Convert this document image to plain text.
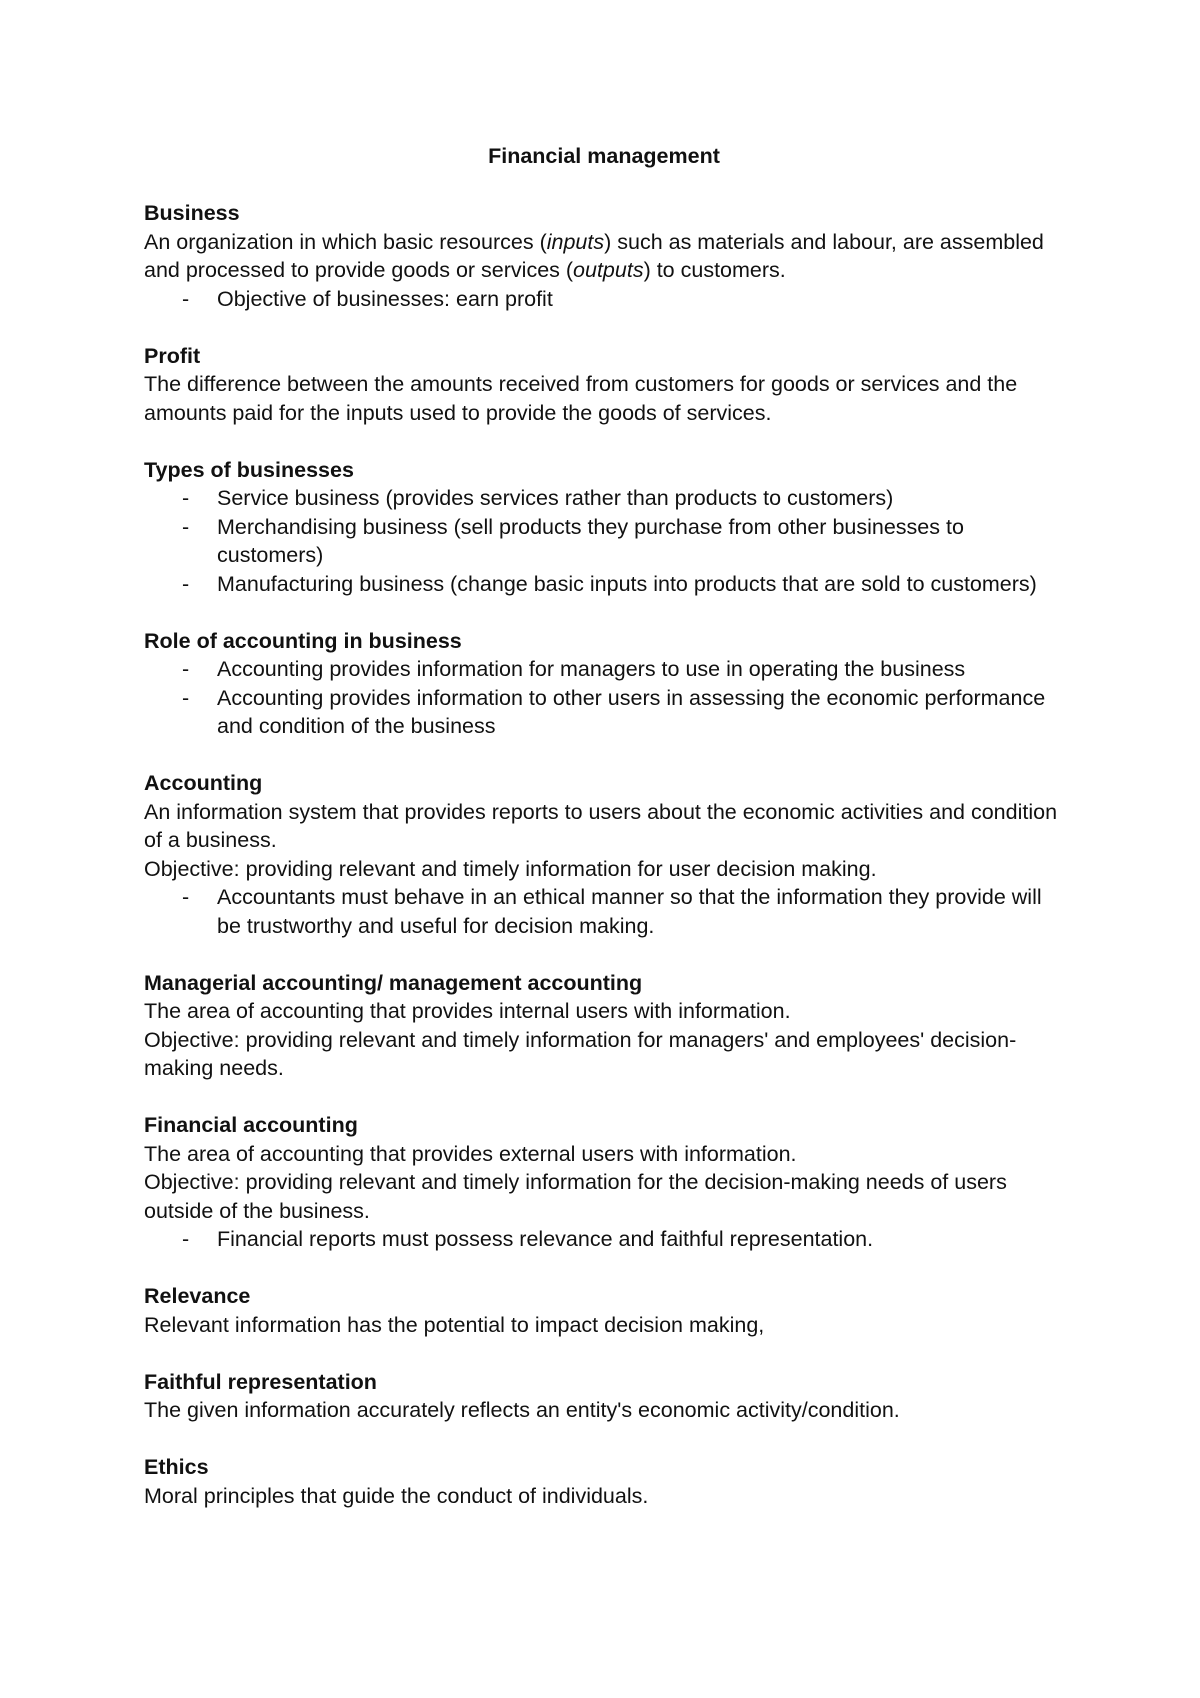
Financial management

Business

An organization in which basic resources (inputs) such as materials and labour, are assembled and processed to provide goods or services (outputs) to customers.

- Objective of businesses: earn profit

Profit

The difference between the amounts received from customers for goods or services and the amounts paid for the inputs used to provide the goods of services.

Types of businesses

- Service business (provides services rather than products to customers)
- Merchandising business (sell products they purchase from other businesses to customers)
- Manufacturing business (change basic inputs into products that are sold to customers)

Role of accounting in business

- Accounting provides information for managers to use in operating the business
- Accounting provides information to other users in assessing the economic performance and condition of the business

Accounting

An information system that provides reports to users about the economic activities and condition of a business.

Objective: providing relevant and timely information for user decision making.

- Accountants must behave in an ethical manner so that the information they provide will be trustworthy and useful for decision making.

Managerial accounting/ management accounting

The area of accounting that provides internal users with information.

Objective: providing relevant and timely information for managers' and employees' decision-making needs.

Financial accounting

The area of accounting that provides external users with information.

Objective: providing relevant and timely information for the decision-making needs of users outside of the business.

- Financial reports must possess relevance and faithful representation.

Relevance

Relevant information has the potential to impact decision making,

Faithful representation

The given information accurately reflects an entity's economic activity/condition.

Ethics

Moral principles that guide the conduct of individuals.
